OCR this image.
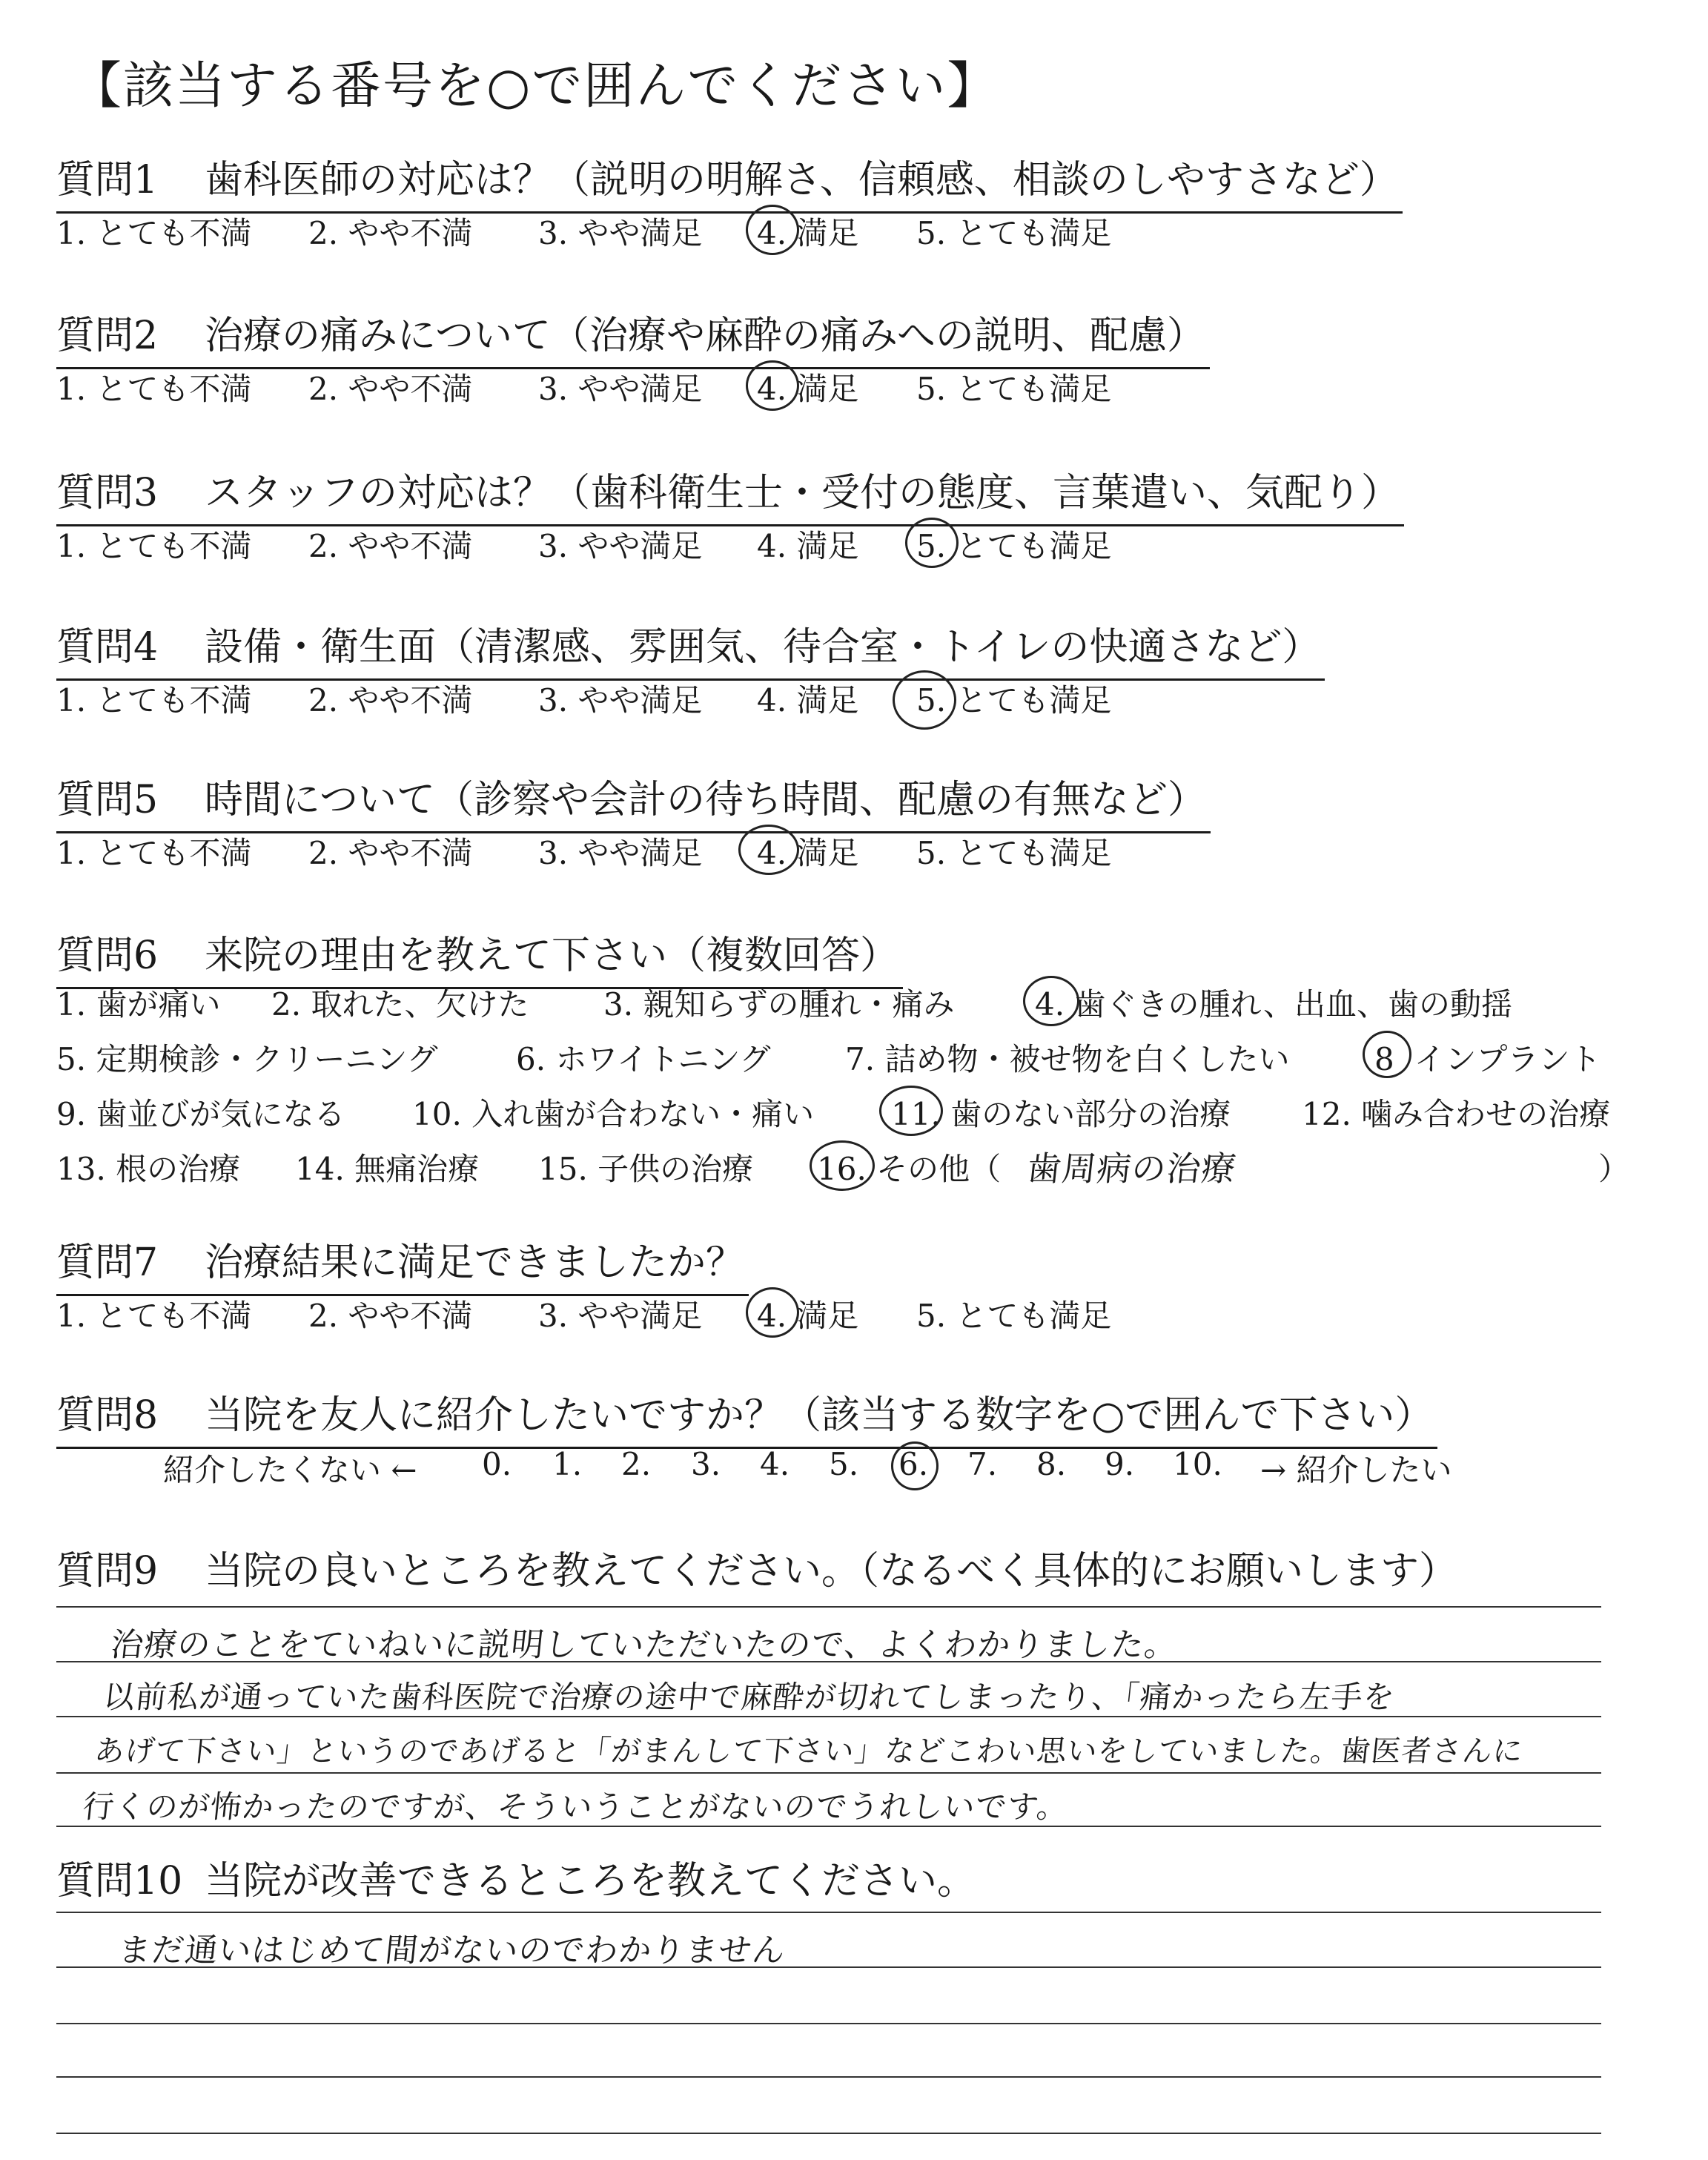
【該当する番号を○で囲んでください】
質問1 歯科医師の対応は？（説明の明解さ、信頼感、相談のしやすさなど）
1. とても不満 2. やや不満 3. やや満足 4. 満足 5. とても満足
質問2 治療の痛みについて（治療や麻酔の痛みへの説明、配慮）
1. とても不満 2. やや不満 3. やや満足 4. 満足 5. とても満足
質問3 スタッフの対応は？（歯科衛生士・受付の態度、言葉遣い、気配り）
1. とても不満 2. やや不満 3. やや満足 4. 満足 5. とても満足
質問4 設備・衛生面（清潔感、雰囲気、待合室・トイレの快適さなど）
1. とても不満 2. やや不満 3. やや満足 4. 満足 5. とても満足
質問5 時間について（診察や会計の待ち時間、配慮の有無など）
1. とても不満 2. やや不満 3. やや満足 4. 満足 5. とても満足
質問6 来院の理由を教えて下さい（複数回答）
1. 歯が痛い 2. 取れた、欠けた 3. 親知らずの腫れ・痛み	4. 歯ぐきの腫れ、出血、歯の動揺
5. 定期検診・クリーニング	6. ホワイトニング 7. 詰め物・被せ物を白くしたい	8 インプラント
9. 歯並びが気になる 10. 入れ歯が合わない・痛い 11. 歯のない部分の治療 12. 噛み合わせの治療
13. 根の治療 14. 無痛治療 15. 子供の治療 16. その他（ 歯周病の治療	）
質問7 治療結果に満足できましたか？
1. とても不満 2. やや不満 3. やや満足 4. 満足 5. とても満足
質問8 当院を友人に紹介したいですか？（該当する数字を○で囲んで下さい）
紹介したくない ← 0. 1. 2. 3. 4. 5. 6. 7. 8. 9. 10. → 紹介したい
質問9 当院の良いところを教えてください。（なるべく具体的にお願いします）
治療のことをていねいに説明していただいたので、よくわかりました。
以前私が通っていた歯科医院で治療の途中で麻酔が切れてしまったり、「痛かったら左手を
あげて下さい」というのであげると「がまんして下さい」などこわい思いをしていました。歯医者さんに
行くのが怖かったのですが、そういうことがないのでうれしいです。
質問10 当院が改善できるところを教えてください。
まだ通いはじめて間がないのでわかりません
